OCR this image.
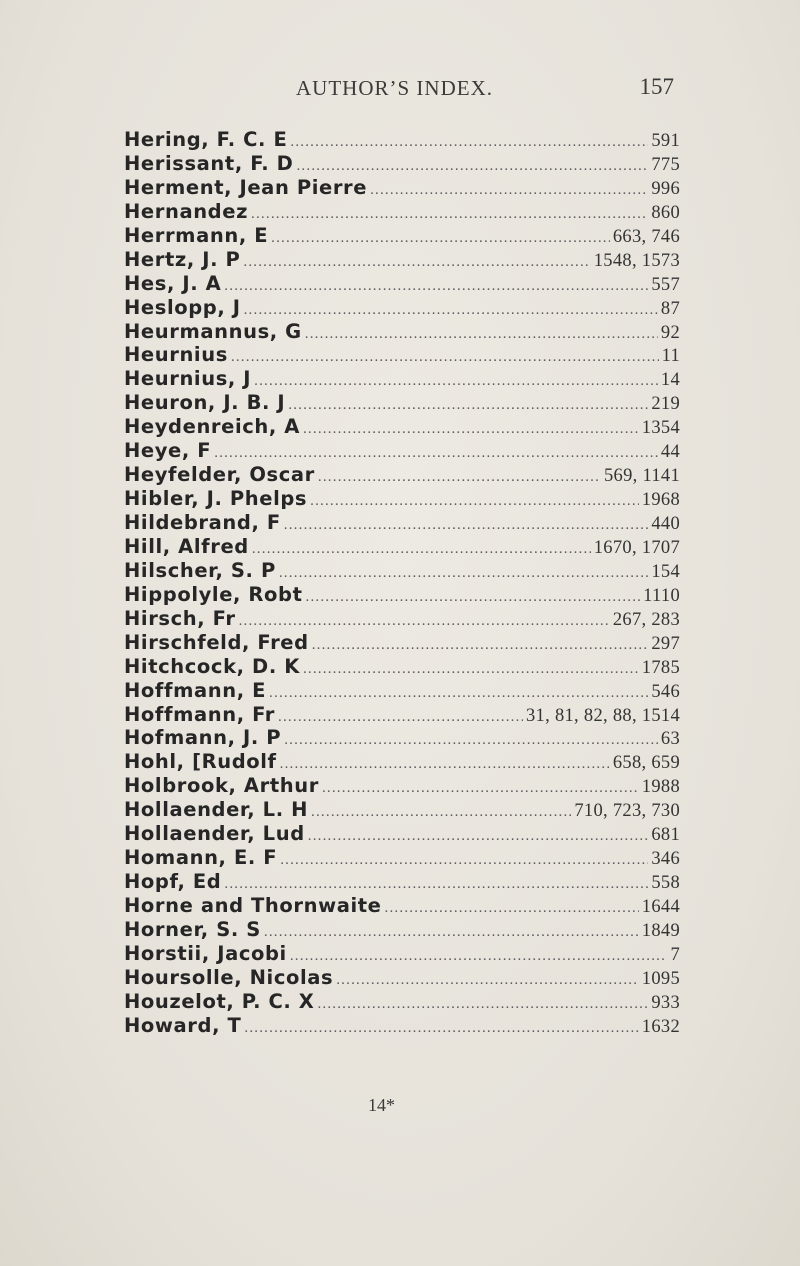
AUTHOR’S INDEX.	157
Hering, F. C. E .....	591
Herissant, F. D .....	775
Herment, Jean Pierre .....	996
Hernandez .....	860
Herrmann, E .....	663, 746
Hertz, J. P .....	1548, 1573
Hes, J. A .....	557
Heslopp, J .....	87
Heurmannus, G .....	92
Heurnius .....	11
Heurnius, J .....	14
Heuron, J. B. J .....	219
Heydenreich, A .....	1354
Heye, F .....	44
Heyfelder, Oscar .....	569, 1141
Hibler, J. Phelps .....	1968
Hildebrand, F .....	440
Hill, Alfred .....	1670, 1707
Hilscher, S. P .....	154
Hippolyle, Robt .....	1110
Hirsch, Fr .....	267, 283
Hirschfeld, Fred .....	297
Hitchcock, D. K .....	1785
Hoffmann, E .....	546
Hoffmann, Fr .....	31, 81, 82, 88, 1514
Hofmann, J. P .....	63
Hohl, [Rudolf .....	658, 659
Holbrook, Arthur .....	1988
Hollaender, L. H .....	710, 723, 730
Hollaender, Lud .....	681
Homann, E. F .....	346
Hopf, Ed .....	558
Horne and Thornwaite .....	1644
Horner, S. S .....	1849
Horstii, Jacobi .....	7
Hoursolle, Nicolas .....	1095
Houzelot, P. C. X .....	933
Howard, T .....	1632
14*
